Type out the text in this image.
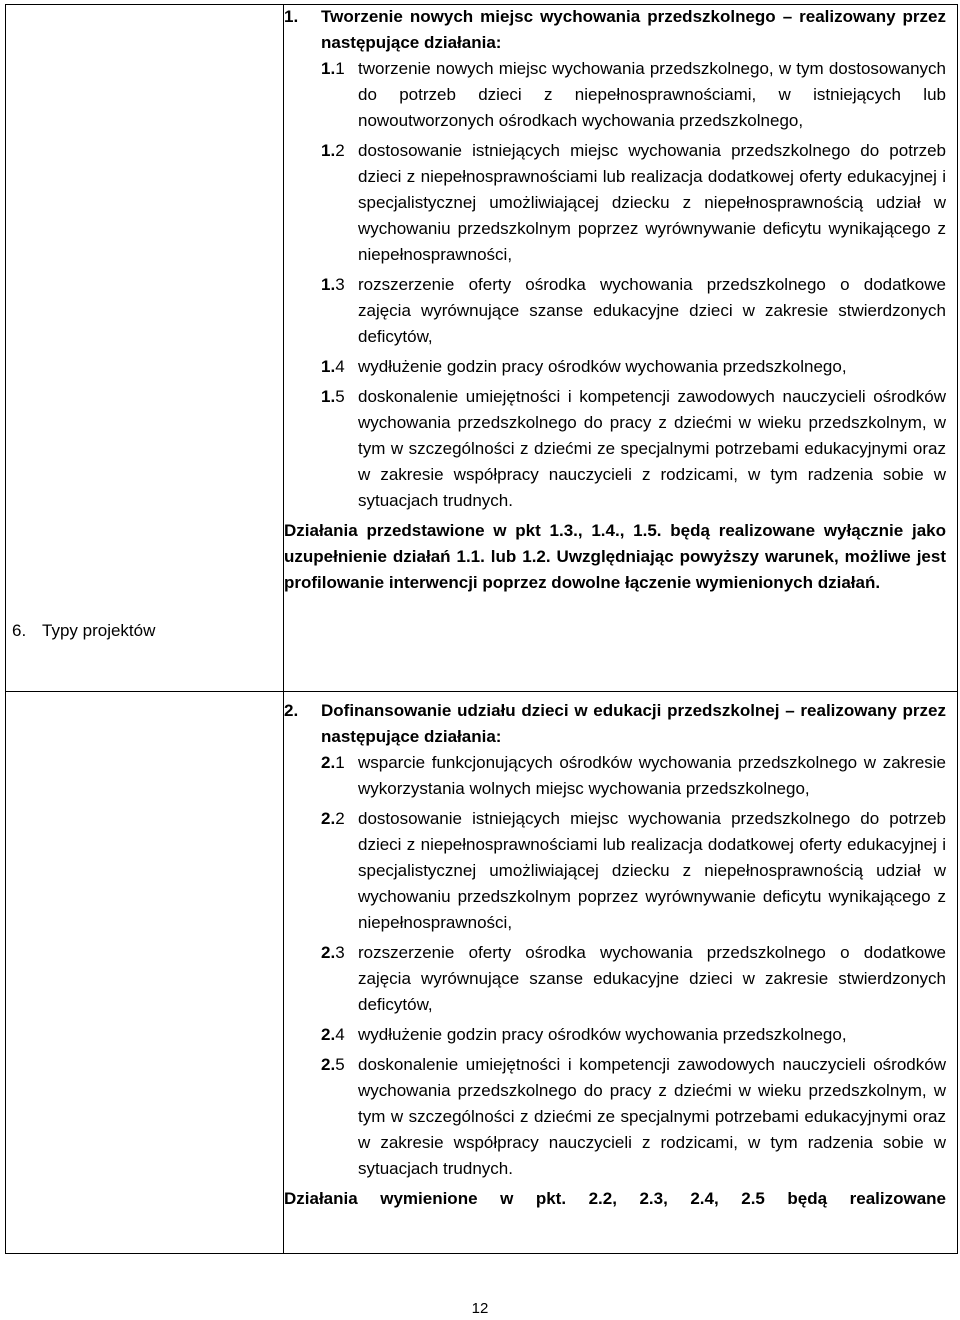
6. Typy projektów
1.	Tworzenie nowych miejsc wychowania przedszkolnego – realizowany przez następujące działania:
1.1 tworzenie nowych miejsc wychowania przedszkolnego, w tym dostosowanych do potrzeb dzieci z niepełnosprawnościami, w istniejących lub nowoutworzonych ośrodkach wychowania przedszkolnego,
1.2 dostosowanie istniejących miejsc wychowania przedszkolnego do potrzeb dzieci z niepełnosprawnościami lub realizacja dodatkowej oferty edukacyjnej i specjalistycznej umożliwiającej dziecku z niepełnosprawnością udział w wychowaniu przedszkolnym poprzez wyrównywanie deficytu wynikającego z niepełnosprawności,
1.3 rozszerzenie oferty ośrodka wychowania przedszkolnego o dodatkowe zajęcia wyrównujące szanse edukacyjne dzieci w zakresie stwierdzonych deficytów,
1.4 wydłużenie godzin pracy ośrodków wychowania przedszkolnego,
1.5 doskonalenie umiejętności i kompetencji zawodowych nauczycieli ośrodków wychowania przedszkolnego do pracy z dziećmi w wieku przedszkolnym, w tym w szczególności z dziećmi ze specjalnymi potrzebami edukacyjnymi oraz w zakresie współpracy nauczycieli z rodzicami, w tym radzenia sobie w sytuacjach trudnych.
Działania przedstawione w pkt 1.3., 1.4., 1.5. będą realizowane wyłącznie jako uzupełnienie działań 1.1. lub 1.2. Uwzględniając powyższy warunek, możliwe jest profilowanie interwencji poprzez dowolne łączenie wymienionych działań.
2.	Dofinansowanie udziału dzieci w edukacji przedszkolnej – realizowany przez następujące działania:
2.1 wsparcie funkcjonujących ośrodków wychowania przedszkolnego w zakresie wykorzystania wolnych miejsc wychowania przedszkolnego,
2.2 dostosowanie istniejących miejsc wychowania przedszkolnego do potrzeb dzieci z niepełnosprawnościami lub realizacja dodatkowej oferty edukacyjnej i specjalistycznej umożliwiającej dziecku z niepełnosprawnością udział w wychowaniu przedszkolnym poprzez wyrównywanie deficytu wynikającego z niepełnosprawności,
2.3 rozszerzenie oferty ośrodka wychowania przedszkolnego o dodatkowe zajęcia wyrównujące szanse edukacyjne dzieci w zakresie stwierdzonych deficytów,
2.4 wydłużenie godzin pracy ośrodków wychowania przedszkolnego,
2.5 doskonalenie umiejętności i kompetencji zawodowych nauczycieli ośrodków wychowania przedszkolnego do pracy z dziećmi w wieku przedszkolnym, w tym w szczególności z dziećmi ze specjalnymi potrzebami edukacyjnymi oraz w zakresie współpracy nauczycieli z rodzicami, w tym radzenia sobie w sytuacjach trudnych.
Działania wymienione w pkt. 2.2, 2.3, 2.4, 2.5 będą realizowane
12
